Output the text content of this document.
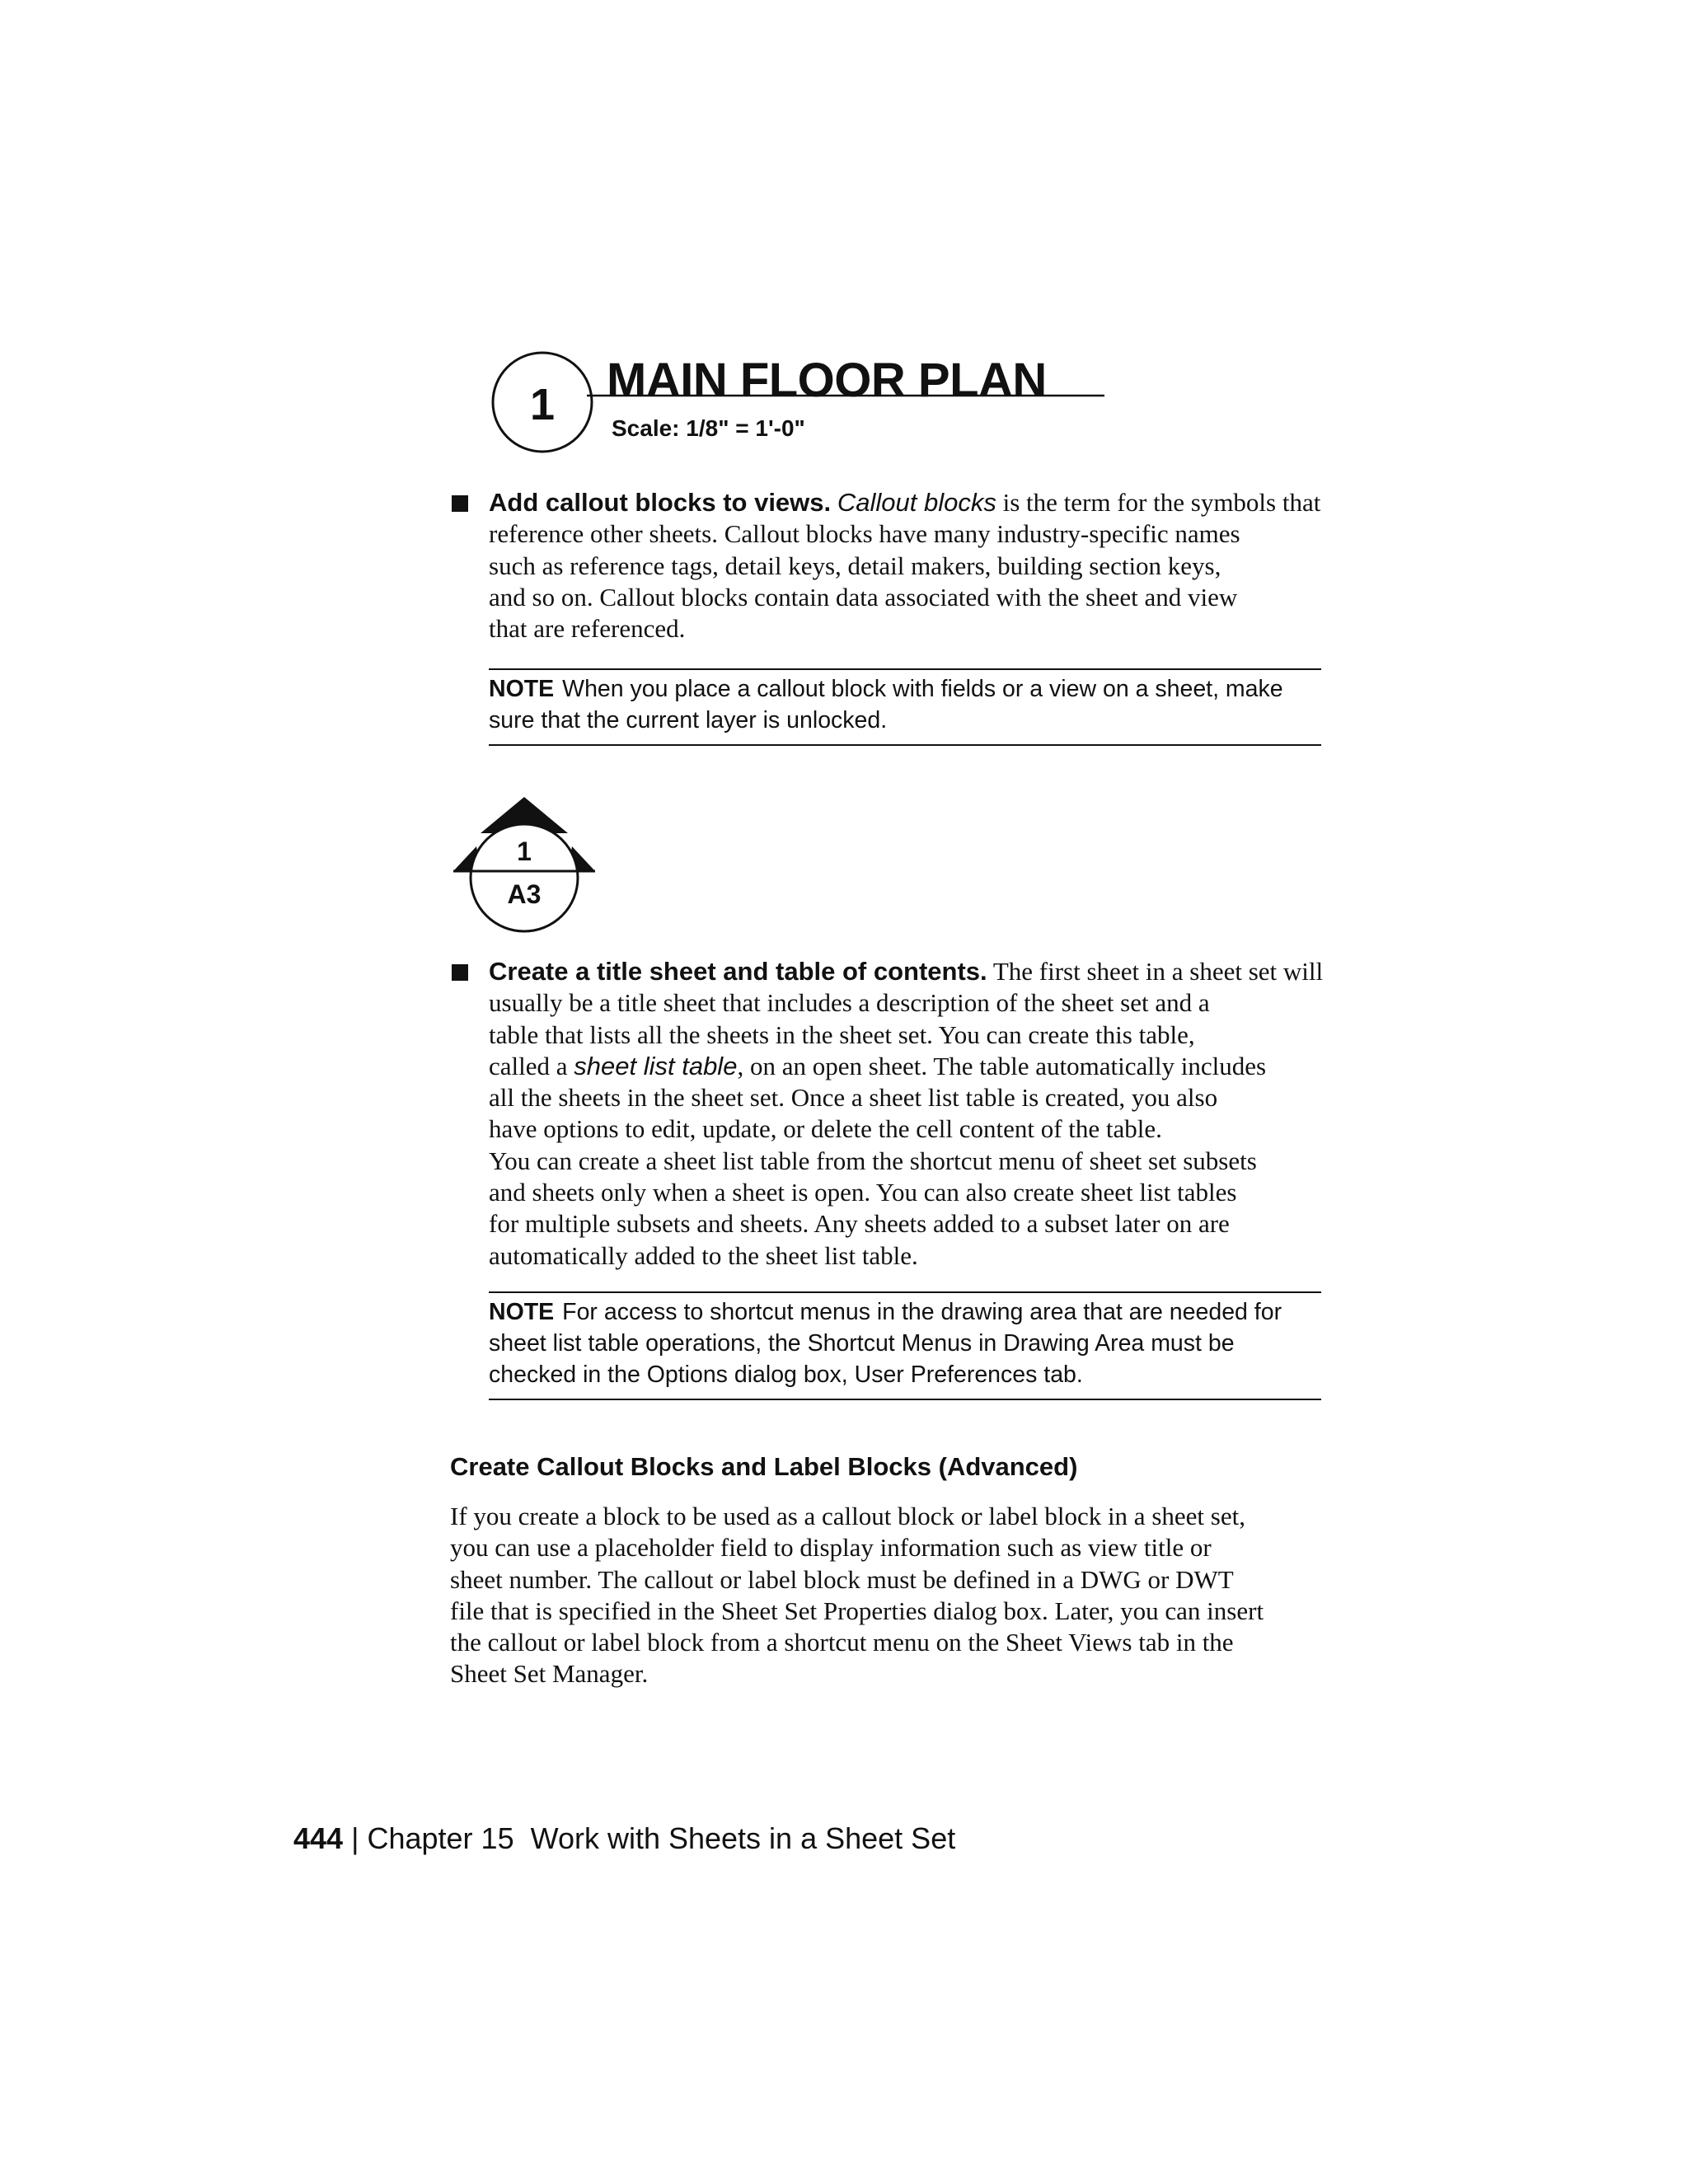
1 MAIN FLOOR PLAN
Scale: 1/8" = 1'-0"
Add callout blocks to views. Callout blocks is the term for the symbols that
reference other sheets. Callout blocks have many industry-specific names
such as reference tags, detail keys, detail makers, building section keys,
and so on. Callout blocks contain data associated with the sheet and view
that are referenced.
NOTE When you place a callout block with fields or a view on a sheet, make
sure that the current layer is unlocked.
1
A3
Create a title sheet and table of contents. The first sheet in a sheet set will
usually be a title sheet that includes a description of the sheet set and a
table that lists all the sheets in the sheet set. You can create this table,
called a sheet list table, on an open sheet. The table automatically includes
all the sheets in the sheet set. Once a sheet list table is created, you also
have options to edit, update, or delete the cell content of the table.
You can create a sheet list table from the shortcut menu of sheet set subsets
and sheets only when a sheet is open. You can also create sheet list tables
for multiple subsets and sheets. Any sheets added to a subset later on are
automatically added to the sheet list table.
NOTE For access to shortcut menus in the drawing area that are needed for
sheet list table operations, the Shortcut Menus in Drawing Area must be
checked in the Options dialog box, User Preferences tab.
Create Callout Blocks and Label Blocks (Advanced)
If you create a block to be used as a callout block or label block in a sheet set,
you can use a placeholder field to display information such as view title or
sheet number. The callout or label block must be defined in a DWG or DWT
file that is specified in the Sheet Set Properties dialog box. Later, you can insert
the callout or label block from a shortcut menu on the Sheet Views tab in the
Sheet Set Manager.
444 | Chapter 15 Work with Sheets in a Sheet Set
